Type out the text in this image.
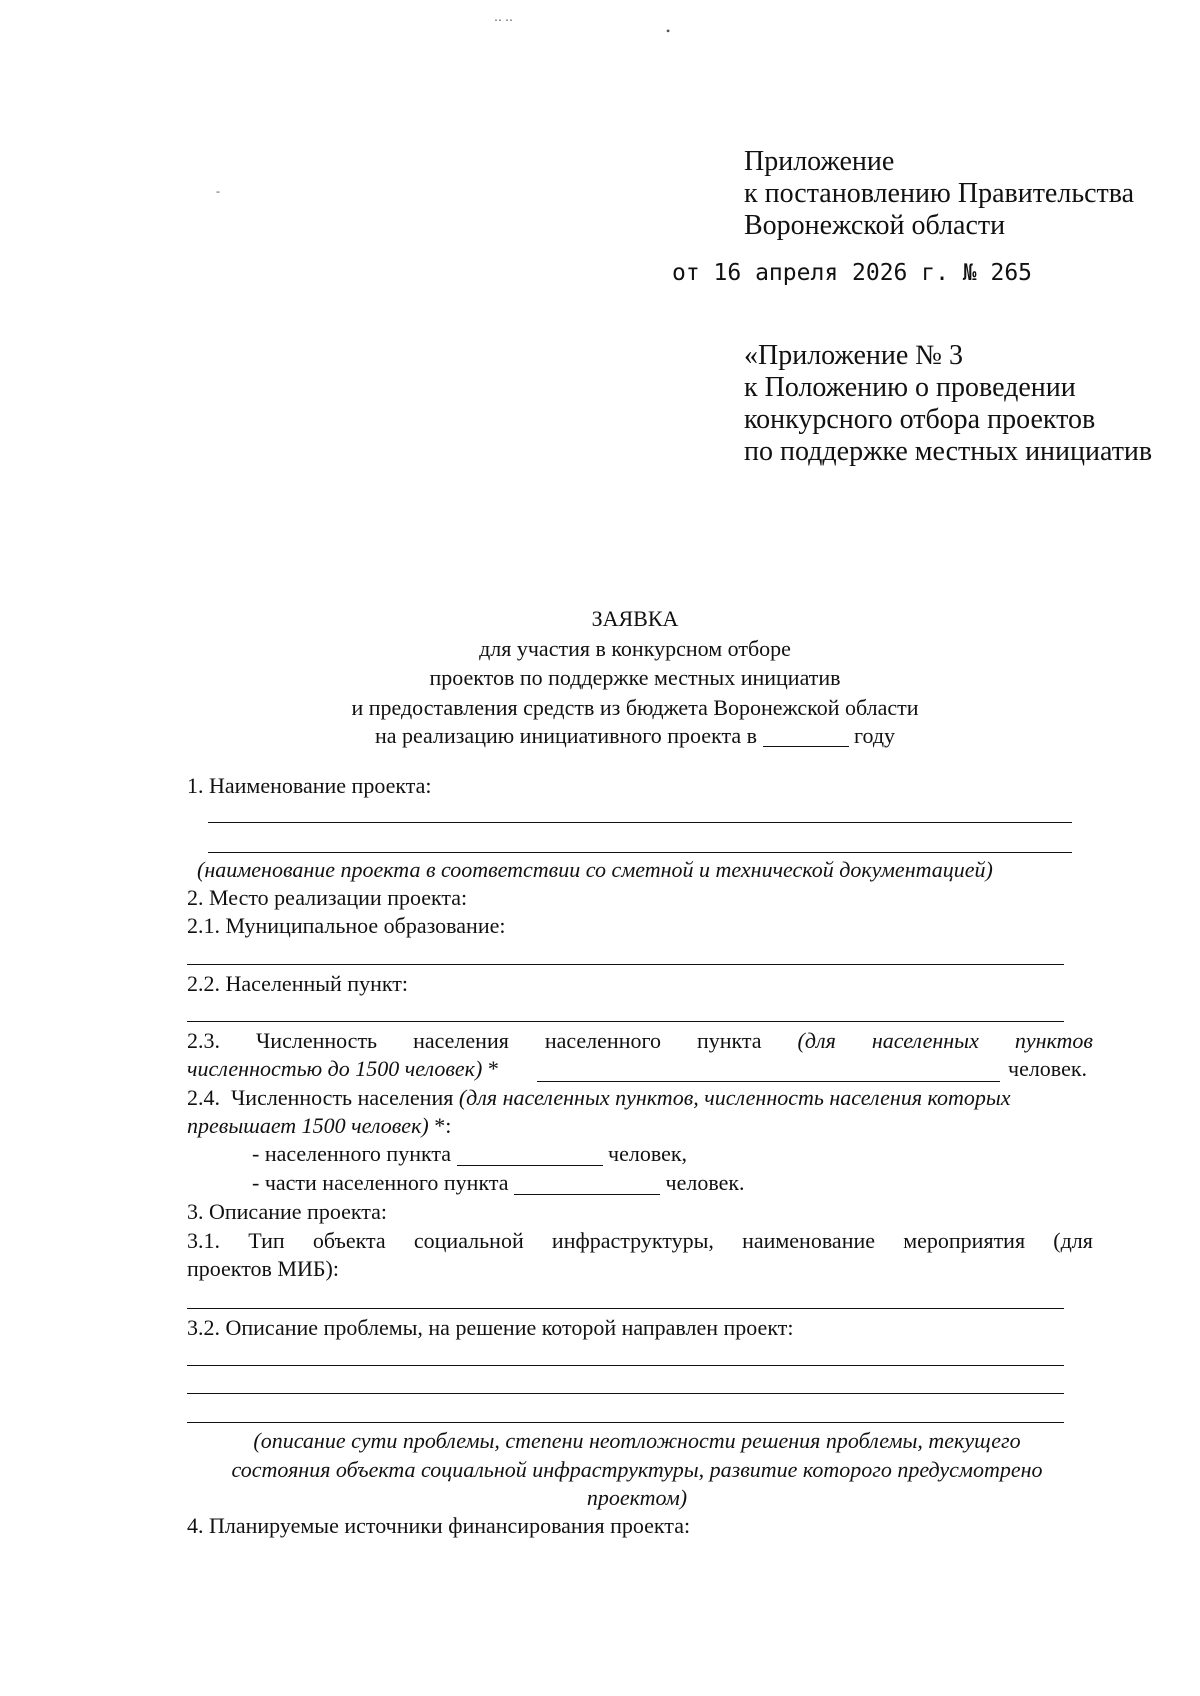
‥ ‥
•
-
Приложение
к постановлению Правительства
Воронежской области
от 16 апреля 2026 г. № 265
«Приложение № 3
к Положению о проведении
конкурсного отбора проектов
по поддержке местных инициатив
ЗАЯВКА
для участия в конкурсном отборе
проектов по поддержке местных инициатив
и предоставления средств из бюджета Воронежской области
на реализацию инициативного проекта в	году
1. Наименование проекта:
(наименование проекта в соответствии со сметной и технической документацией)
2. Место реализации проекта:
2.1. Муниципальное образование:
2.2. Населенный пункт:
2.3. Численность населения населенного пункта (для населенных пунктов
численностью до 1500 человек) *	человек.
2.4. Численность населения (для населенных пунктов, численность населения которых
превышает 1500 человек) *:
- населенного пункта	человек,
- части населенного пункта	человек.
3. Описание проекта:
3.1. Тип объекта социальной инфраструктуры, наименование мероприятия (для
проектов МИБ):
3.2. Описание проблемы, на решение которой направлен проект:
(описание сути проблемы, степени неотложности решения проблемы, текущего
состояния объекта социальной инфраструктуры, развитие которого предусмотрено
проектом)
4. Планируемые источники финансирования проекта:
